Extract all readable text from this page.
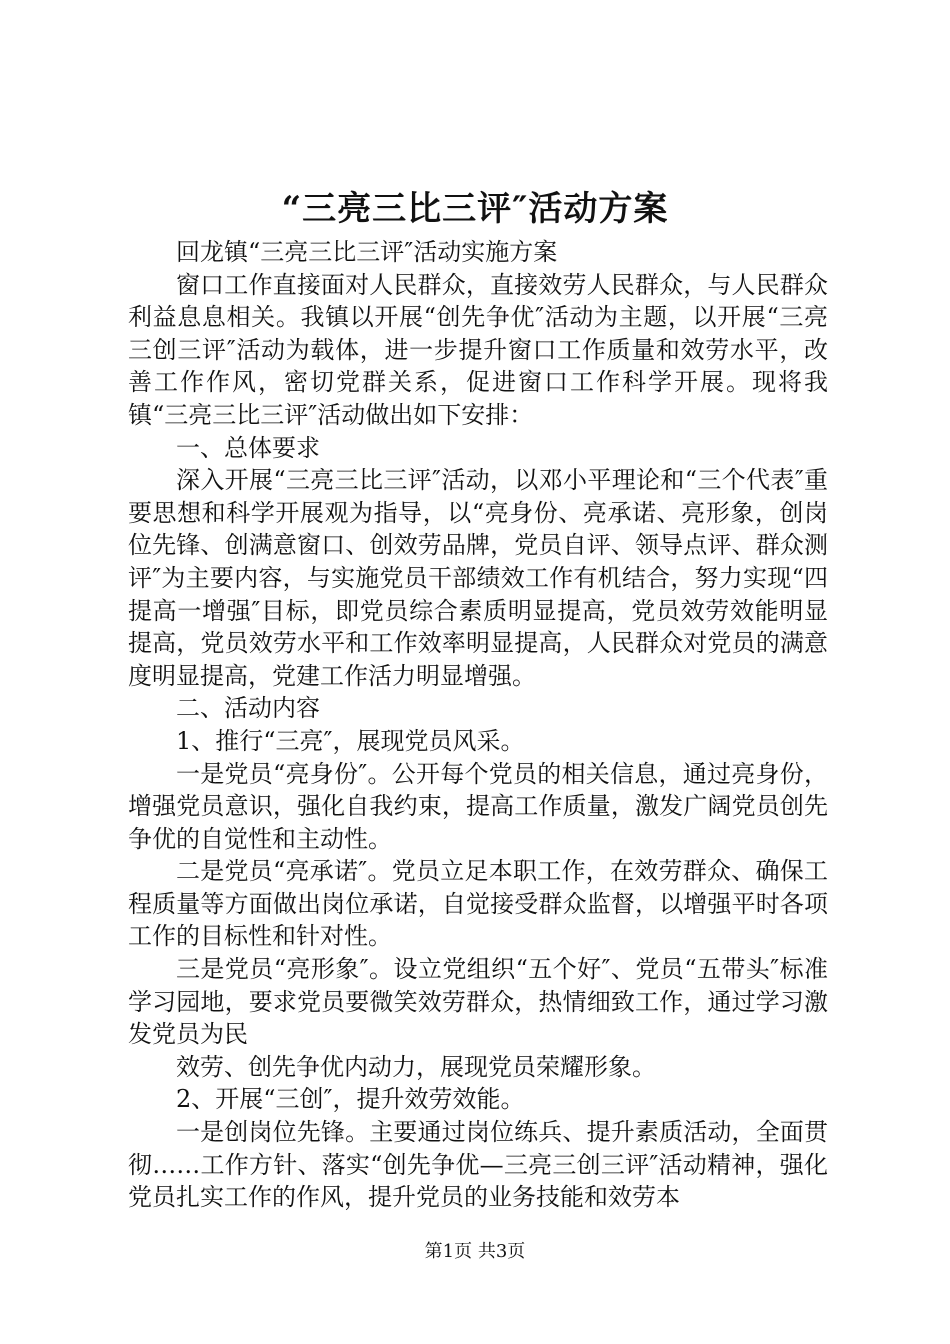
“三亮三比三评″活动方案

回龙镇“三亮三比三评″活动实施方案

窗口工作直接面对人民群众，直接效劳人民群众，与人民群众利益息息相关。我镇以开展“创先争优″活动为主题，以开展“三亮三创三评″活动为载体，进一步提升窗口工作质量和效劳水平，改善工作作风，密切党群关系，促进窗口工作科学开展。现将我镇“三亮三比三评″活动做出如下安排：

一、总体要求

深入开展“三亮三比三评″活动，以邓小平理论和“三个代表″重要思想和科学开展观为指导，以“亮身份、亮承诺、亮形象，创岗位先锋、创满意窗口、创效劳品牌，党员自评、领导点评、群众测评″为主要内容，与实施党员干部绩效工作有机结合，努力实现“四提高一增强″目标，即党员综合素质明显提高，党员效劳效能明显提高，党员效劳水平和工作效率明显提高，人民群众对党员的满意度明显提高，党建工作活力明显增强。

二、活动内容

1、推行“三亮″，展现党员风采。

一是党员“亮身份″。公开每个党员的相关信息，通过亮身份，增强党员意识，强化自我约束，提高工作质量，激发广阔党员创先争优的自觉性和主动性。

二是党员“亮承诺″。党员立足本职工作，在效劳群众、确保工程质量等方面做出岗位承诺，自觉接受群众监督，以增强平时各项工作的目标性和针对性。

三是党员“亮形象″。设立党组织“五个好″、党员“五带头″标准学习园地，要求党员要微笑效劳群众，热情细致工作，通过学习激发党员为民

效劳、创先争优内动力，展现党员荣耀形象。

2、开展“三创″，提升效劳效能。

一是创岗位先锋。主要通过岗位练兵、提升素质活动，全面贯彻……工作方针、落实“创先争优—三亮三创三评″活动精神，强化党员扎实工作的作风，提升党员的业务技能和效劳本

第1页 共3页
